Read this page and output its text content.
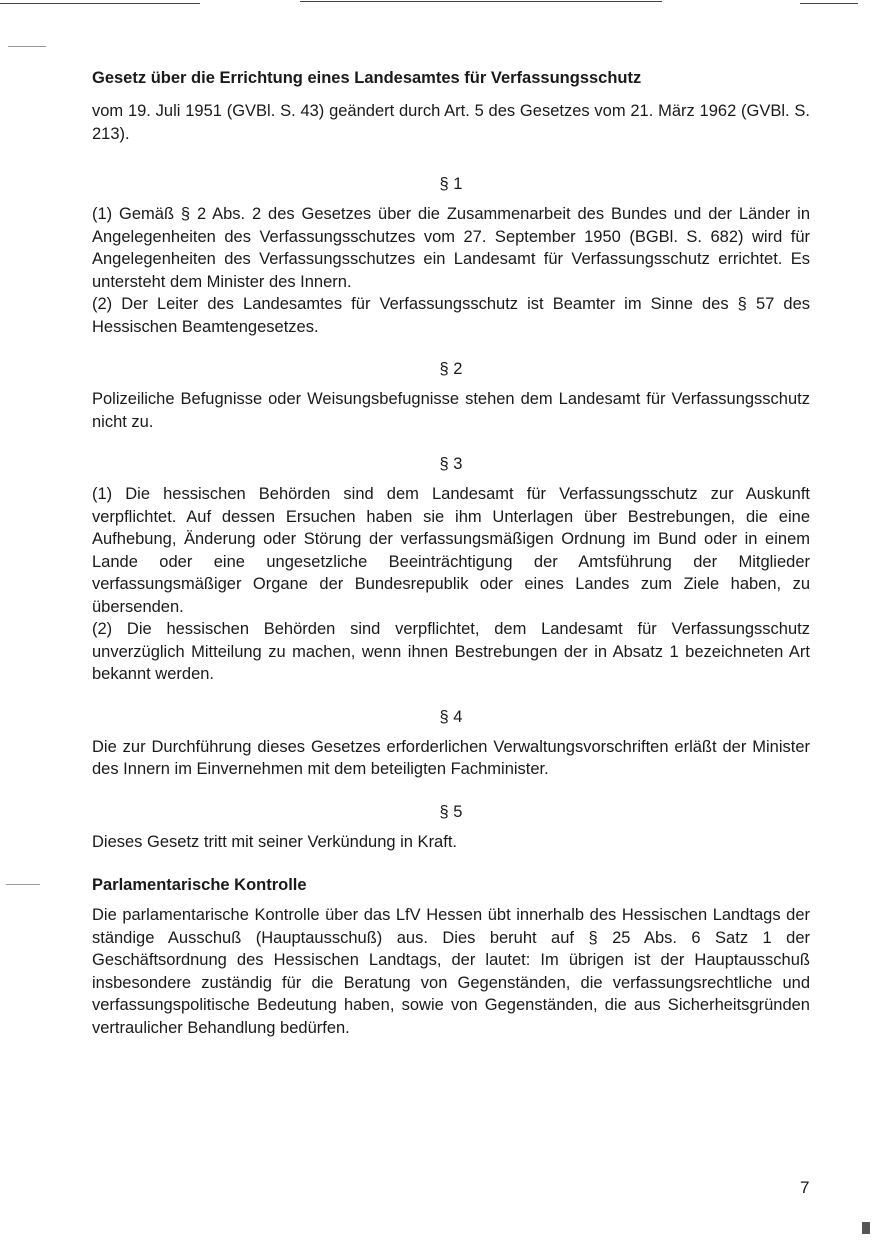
Gesetz über die Errichtung eines Landesamtes für Verfassungsschutz

vom 19. Juli 1951 (GVBl. S. 43) geändert durch Art. 5 des Gesetzes vom 21. März 1962 (GVBl. S. 213).

§ 1

(1) Gemäß § 2 Abs. 2 des Gesetzes über die Zusammenarbeit des Bundes und der Länder in Angelegenheiten des Verfassungsschutzes vom 27. September 1950 (BGBl. S. 682) wird für Angelegenheiten des Verfassungsschutzes ein Landesamt für Verfassungsschutz errichtet. Es untersteht dem Minister des Innern.

(2) Der Leiter des Landesamtes für Verfassungsschutz ist Beamter im Sinne des § 57 des Hessischen Beamtengesetzes.

§ 2

Polizeiliche Befugnisse oder Weisungsbefugnisse stehen dem Landesamt für Verfassungsschutz nicht zu.

§ 3

(1) Die hessischen Behörden sind dem Landesamt für Verfassungsschutz zur Auskunft verpflichtet. Auf dessen Ersuchen haben sie ihm Unterlagen über Bestrebungen, die eine Aufhebung, Änderung oder Störung der verfassungsmäßigen Ordnung im Bund oder in einem Lande oder eine ungesetzliche Beeinträchtigung der Amtsführung der Mitglieder verfassungsmäßiger Organe der Bundesrepublik oder eines Landes zum Ziele haben, zu übersenden.

(2) Die hessischen Behörden sind verpflichtet, dem Landesamt für Verfassungsschutz unverzüglich Mitteilung zu machen, wenn ihnen Bestrebungen der in Absatz 1 bezeichneten Art bekannt werden.

§ 4

Die zur Durchführung dieses Gesetzes erforderlichen Verwaltungsvorschriften erläßt der Minister des Innern im Einvernehmen mit dem beteiligten Fachminister.

§ 5

Dieses Gesetz tritt mit seiner Verkündung in Kraft.

Parlamentarische Kontrolle

Die parlamentarische Kontrolle über das LfV Hessen übt innerhalb des Hessischen Landtags der ständige Ausschuß (Hauptausschuß) aus. Dies beruht auf § 25 Abs. 6 Satz 1 der Geschäftsordnung des Hessischen Landtags, der lautet: Im übrigen ist der Hauptausschuß insbesondere zuständig für die Beratung von Gegenständen, die verfassungsrechtliche und verfassungspolitische Bedeutung haben, sowie von Gegenständen, die aus Sicherheitsgründen vertraulicher Behandlung bedürfen.

7
